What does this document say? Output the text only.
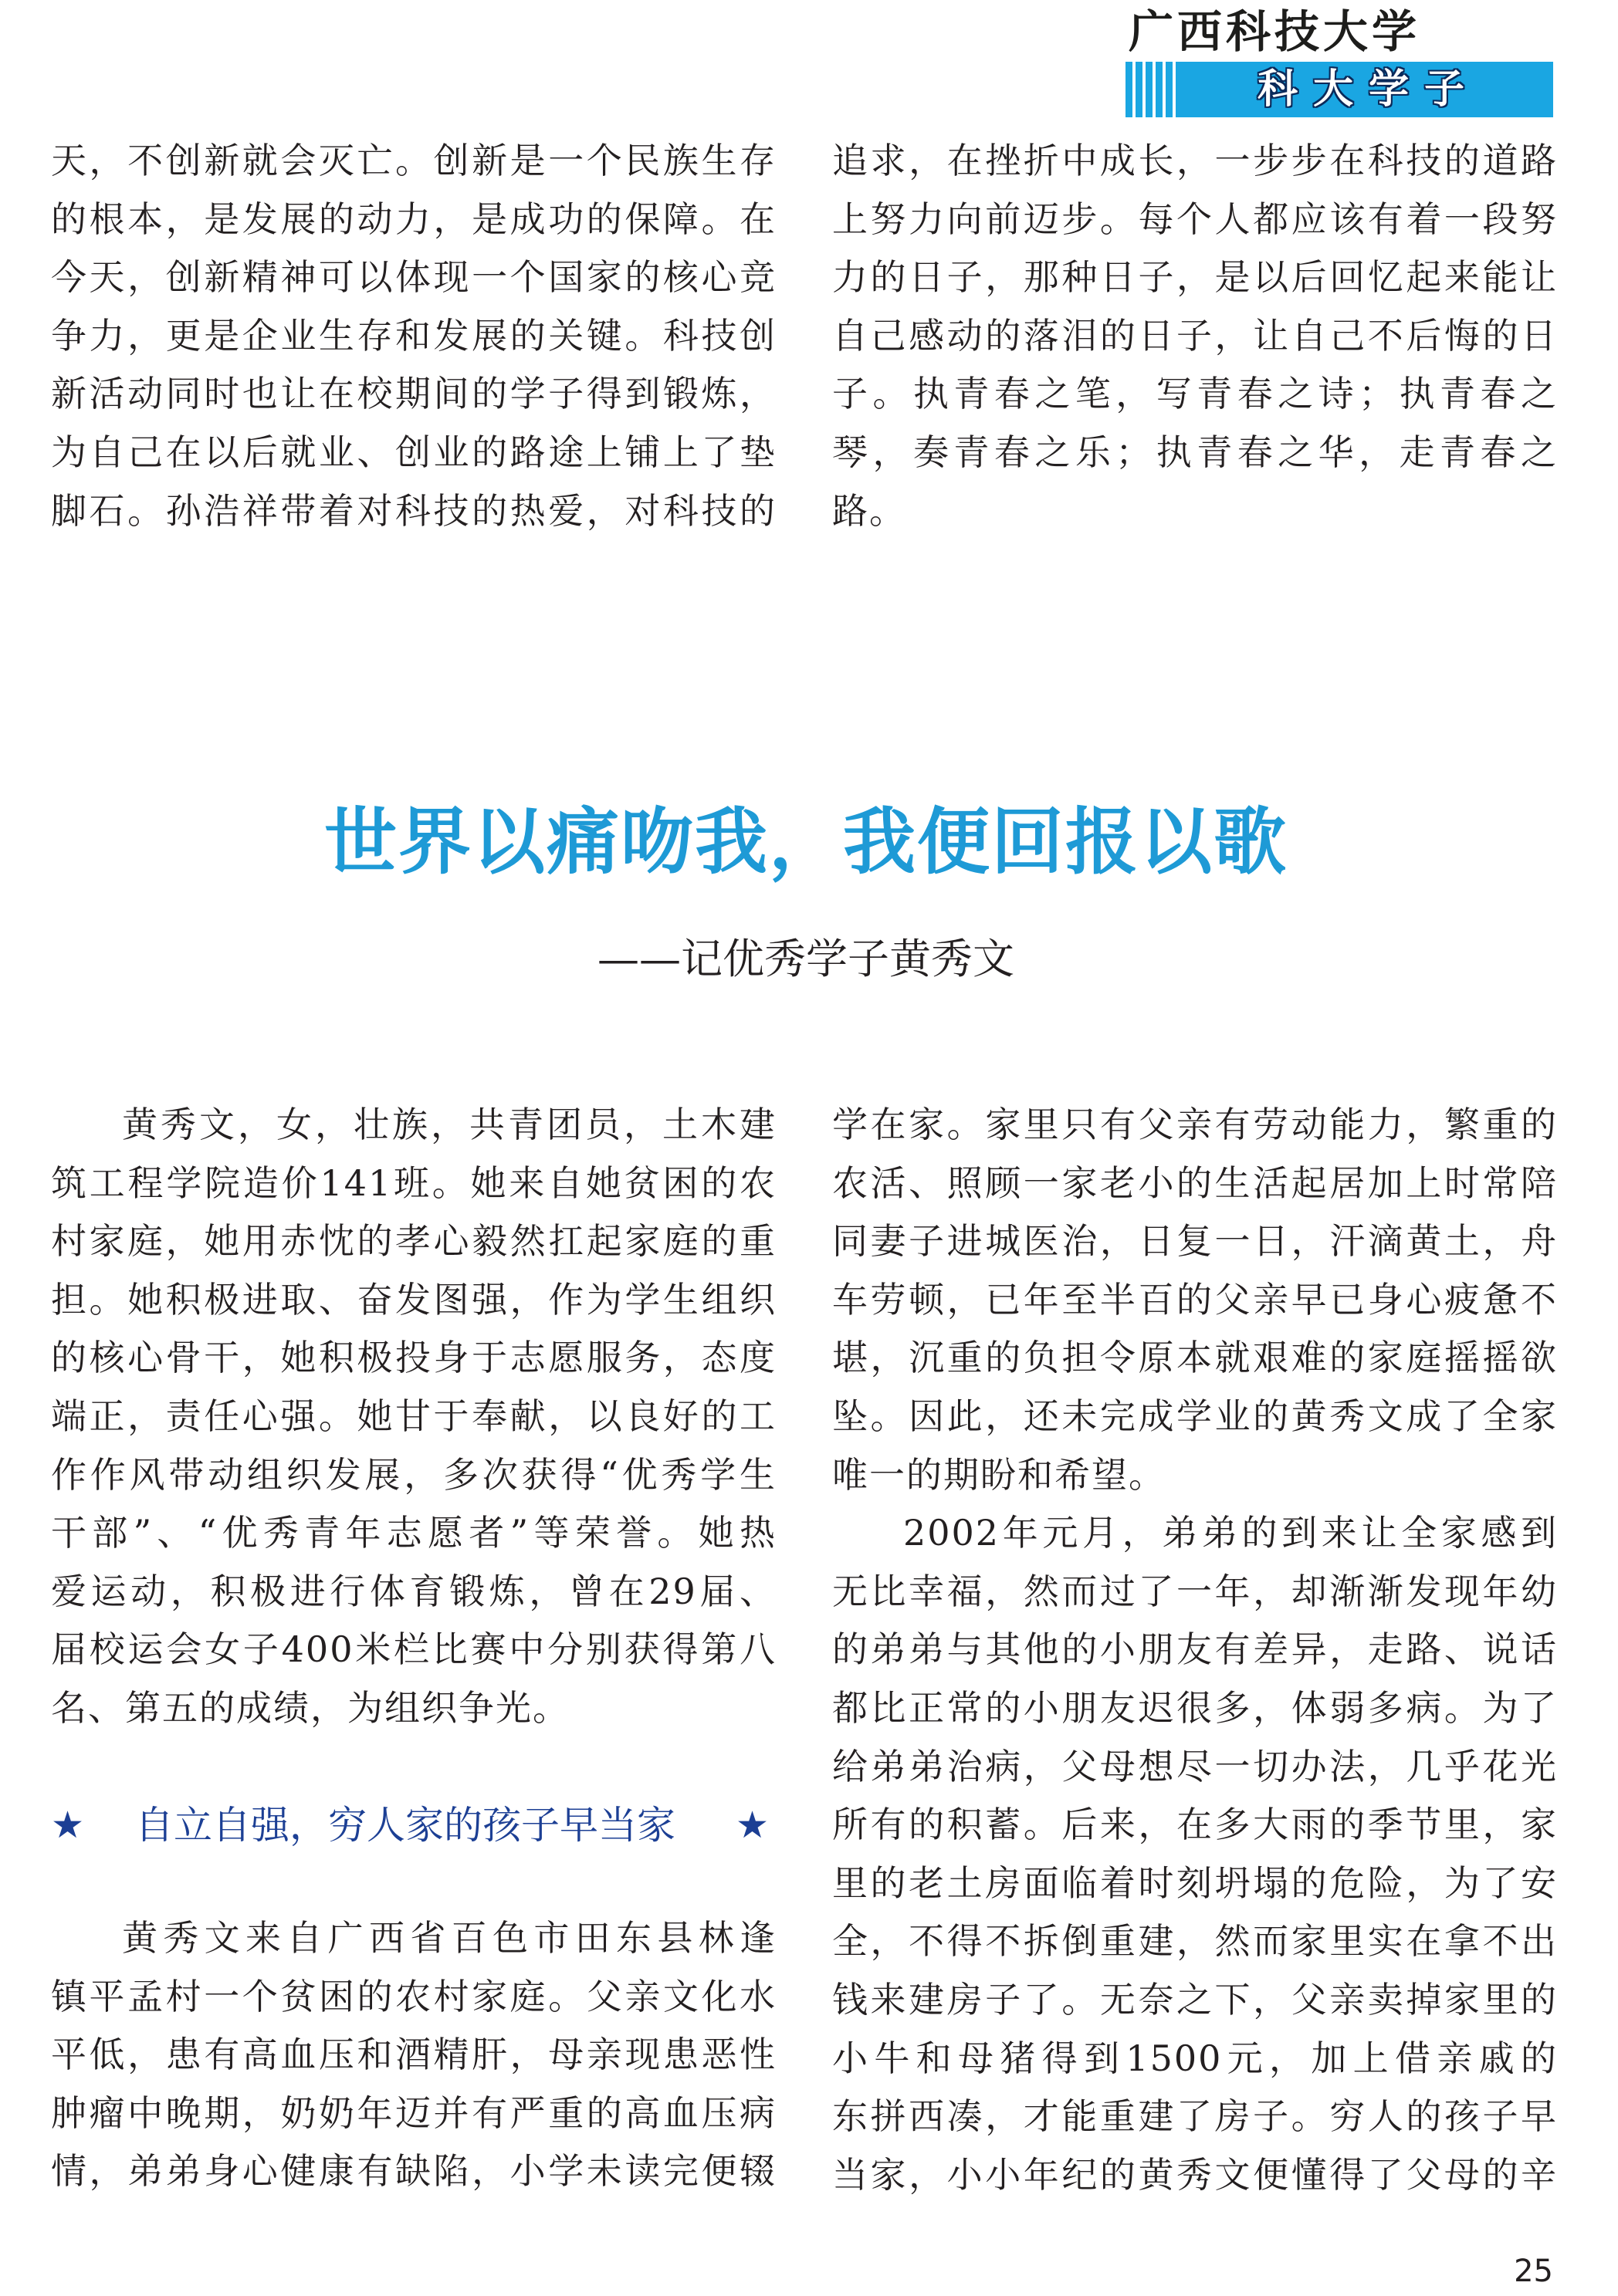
广西科技大学
科大学子
天，不创新就会灭亡。创新是一个民族生存
的根本，是发展的动力，是成功的保障。在
今天，创新精神可以体现一个国家的核心竞
争力，更是企业生存和发展的关键。科技创
新活动同时也让在校期间的学子得到锻炼，
为自己在以后就业、创业的路途上铺上了垫
脚石。孙浩祥带着对科技的热爱，对科技的
追求，在挫折中成长，一步步在科技的道路
上努力向前迈步。每个人都应该有着一段努
力的日子，那种日子，是以后回忆起来能让
自己感动的落泪的日子，让自己不后悔的日
子。执青春之笔，写青春之诗；执青春之
琴，奏青春之乐；执青春之华，走青春之
路。
世界以痛吻我，我便回报以歌
——记优秀学子黄秀文
黄秀文，女，壮族，共青团员，土木建
筑工程学院造价141班。她来自她贫困的农
村家庭，她用赤忱的孝心毅然扛起家庭的重
担。她积极进取、奋发图强，作为学生组织
的核心骨干，她积极投身于志愿服务，态度
端正，责任心强。她甘于奉献，以良好的工
作作风带动组织发展，多次获得“优秀学生
干部”、“优秀青年志愿者”等荣誉。她热
爱运动，积极进行体育锻炼，曾在29届、
届校运会女子400米栏比赛中分别获得第八
名、第五的成绩，为组织争光。
★ 自立自强，穷人家的孩子早当家 ★
黄秀文来自广西省百色市田东县林逢
镇平孟村一个贫困的农村家庭。父亲文化水
平低，患有高血压和酒精肝，母亲现患恶性
肿瘤中晚期，奶奶年迈并有严重的高血压病
情，弟弟身心健康有缺陷，小学未读完便辍
学在家。家里只有父亲有劳动能力，繁重的
农活、照顾一家老小的生活起居加上时常陪
同妻子进城医治，日复一日，汗滴黄土，舟
车劳顿，已年至半百的父亲早已身心疲惫不
堪，沉重的负担令原本就艰难的家庭摇摇欲
坠。因此，还未完成学业的黄秀文成了全家
唯一的期盼和希望。
2002年元月，弟弟的到来让全家感到
无比幸福，然而过了一年，却渐渐发现年幼
的弟弟与其他的小朋友有差异，走路、说话
都比正常的小朋友迟很多，体弱多病。为了
给弟弟治病，父母想尽一切办法，几乎花光
所有的积蓄。后来，在多大雨的季节里，家
里的老土房面临着时刻坍塌的危险，为了安
全，不得不拆倒重建，然而家里实在拿不出
钱来建房子了。无奈之下，父亲卖掉家里的
小牛和母猪得到1500元，加上借亲戚的
东拼西凑，才能重建了房子。穷人的孩子早
当家，小小年纪的黄秀文便懂得了父母的辛
25
